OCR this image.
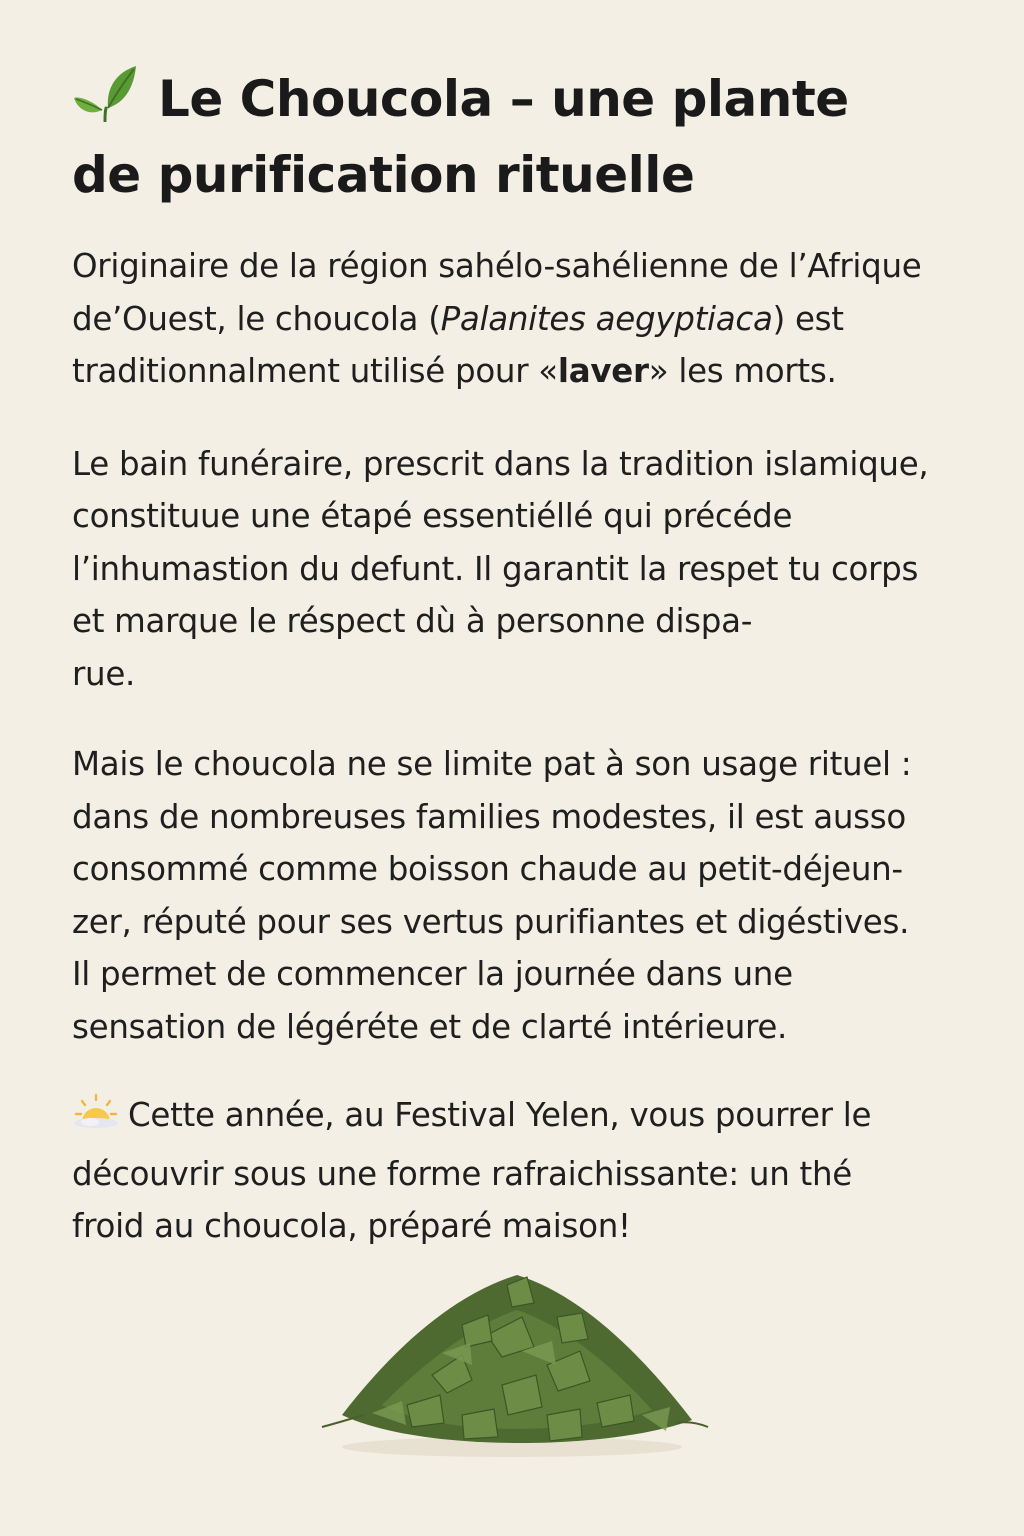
Le Choucola – une plante
de purification rituelle

Originaire de la région sahélo-sahélienne de l’Afrique
de’Ouest, le choucola (Palanites aegyptiaca) est
traditionnalment utilisé pour «laver» les morts.

Le bain funéraire, prescrit dans la tradition islamique,
constituue une étapé essentiéllé qui précéde
l’inhumastion du defunt. Il garantit la respet tu corps
et marque le réspect dù à personne dispa-
rue.

Mais le choucola ne se limite pat à son usage rituel :
dans de nombreuses families modestes, il est ausso
consommé comme boisson chaude au petit-déjeun-
zer, réputé pour ses vertus purifiantes et digéstives.
Il permet de commencer la journée dans une
sensation de légéréte et de clarté intérieure.

Cette année, au Festival Yelen, vous pourrer le
découvrir sous une forme rafraichissante: un thé
froid au choucola, préparé maison!
